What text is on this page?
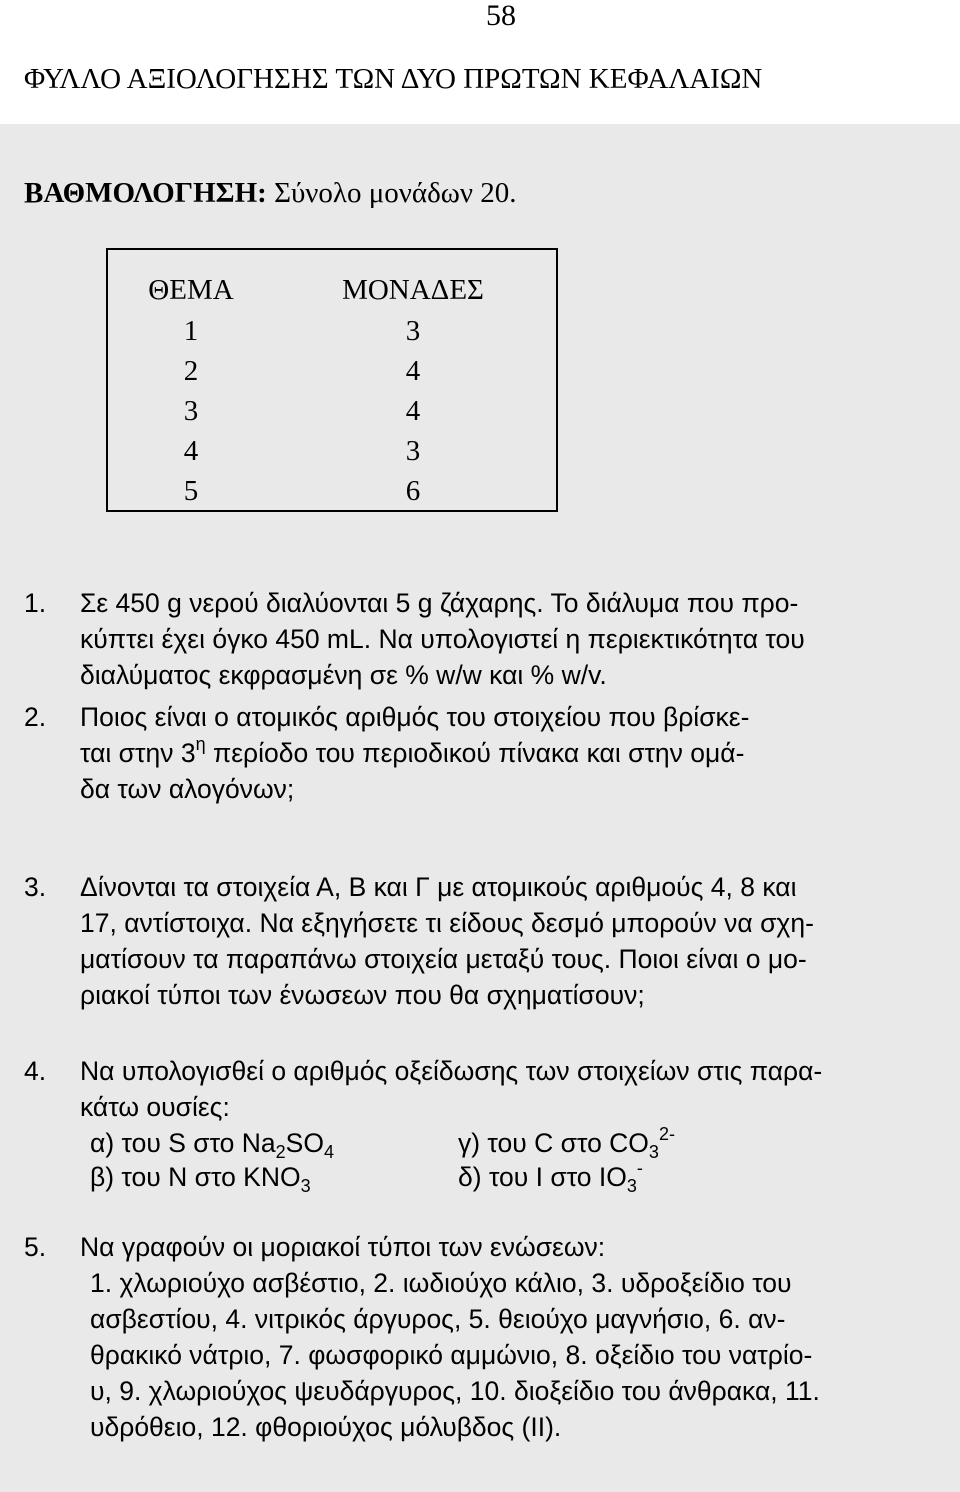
58
ΦΥΛΛΟ ΑΞΙΟΛΟΓΗΣΗΣ ΤΩΝ ΔΥΟ ΠΡΩΤΩΝ ΚΕΦΑΛΑΙΩΝ
ΒΑΘΜΟΛΟΓΗΣΗ: Σύνολο μονάδων 20.
ΘΕΜΑ	ΜΟΝΑΔΕΣ
1	3
2	4
3	4
4	3
5	6
1. Σε 450 g νερού διαλύονται 5 g ζάχαρης. Το διάλυμα που προ-
κύπτει έχει όγκο 450 mL. Να υπολογιστεί η περιεκτικότητα του
διαλύματος εκφρασμένη σε % w/w και % w/v.
2. Ποιος είναι ο ατομικός αριθμός του στοιχείου που βρίσκε-
ται στην $3^\eta$ περίοδο του περιοδικού πίνακα και στην ομά-
δα των αλογόνων;
3. Δίνονται τα στοιχεία Α, Β και Γ με ατομικούς αριθμούς 4, 8 και
17, αντίστοιχα. Να εξηγήσετε τι είδους δεσμό μπορούν να σχη-
ματίσουν τα παραπάνω στοιχεία μεταξύ τους. Ποιοι είναι ο μο-
ριακοί τύποι των ένωσεων που θα σχηματίσουν;
4. Να υπολογισθεί ο αριθμός οξείδωσης των στοιχείων στις παρα-
κάτω ουσίες:
α) του S στο $Na_2SO_4$	γ) του C στο $CO_3^{2-}$
β) του N στο $KNO_3$	δ) του I στο $IO_3^-$
5. Να γραφούν οι μοριακοί τύποι των ενώσεων:
1. χλωριούχο ασβέστιο, 2. ιωδιούχο κάλιο, 3. υδροξείδιο του
ασβεστίου, 4. νιτρικός άργυρος, 5. θειούχο μαγνήσιο, 6. αν-
θρακικό νάτριο, 7. φωσφορικό αμμώνιο, 8. οξείδιο του νατρίο-
υ, 9. χλωριούχος ψευδάργυρος, 10. διοξείδιο του άνθρακα, 11.
υδρόθειο, 12. φθοριούχος μόλυβδος (ΙΙ).
